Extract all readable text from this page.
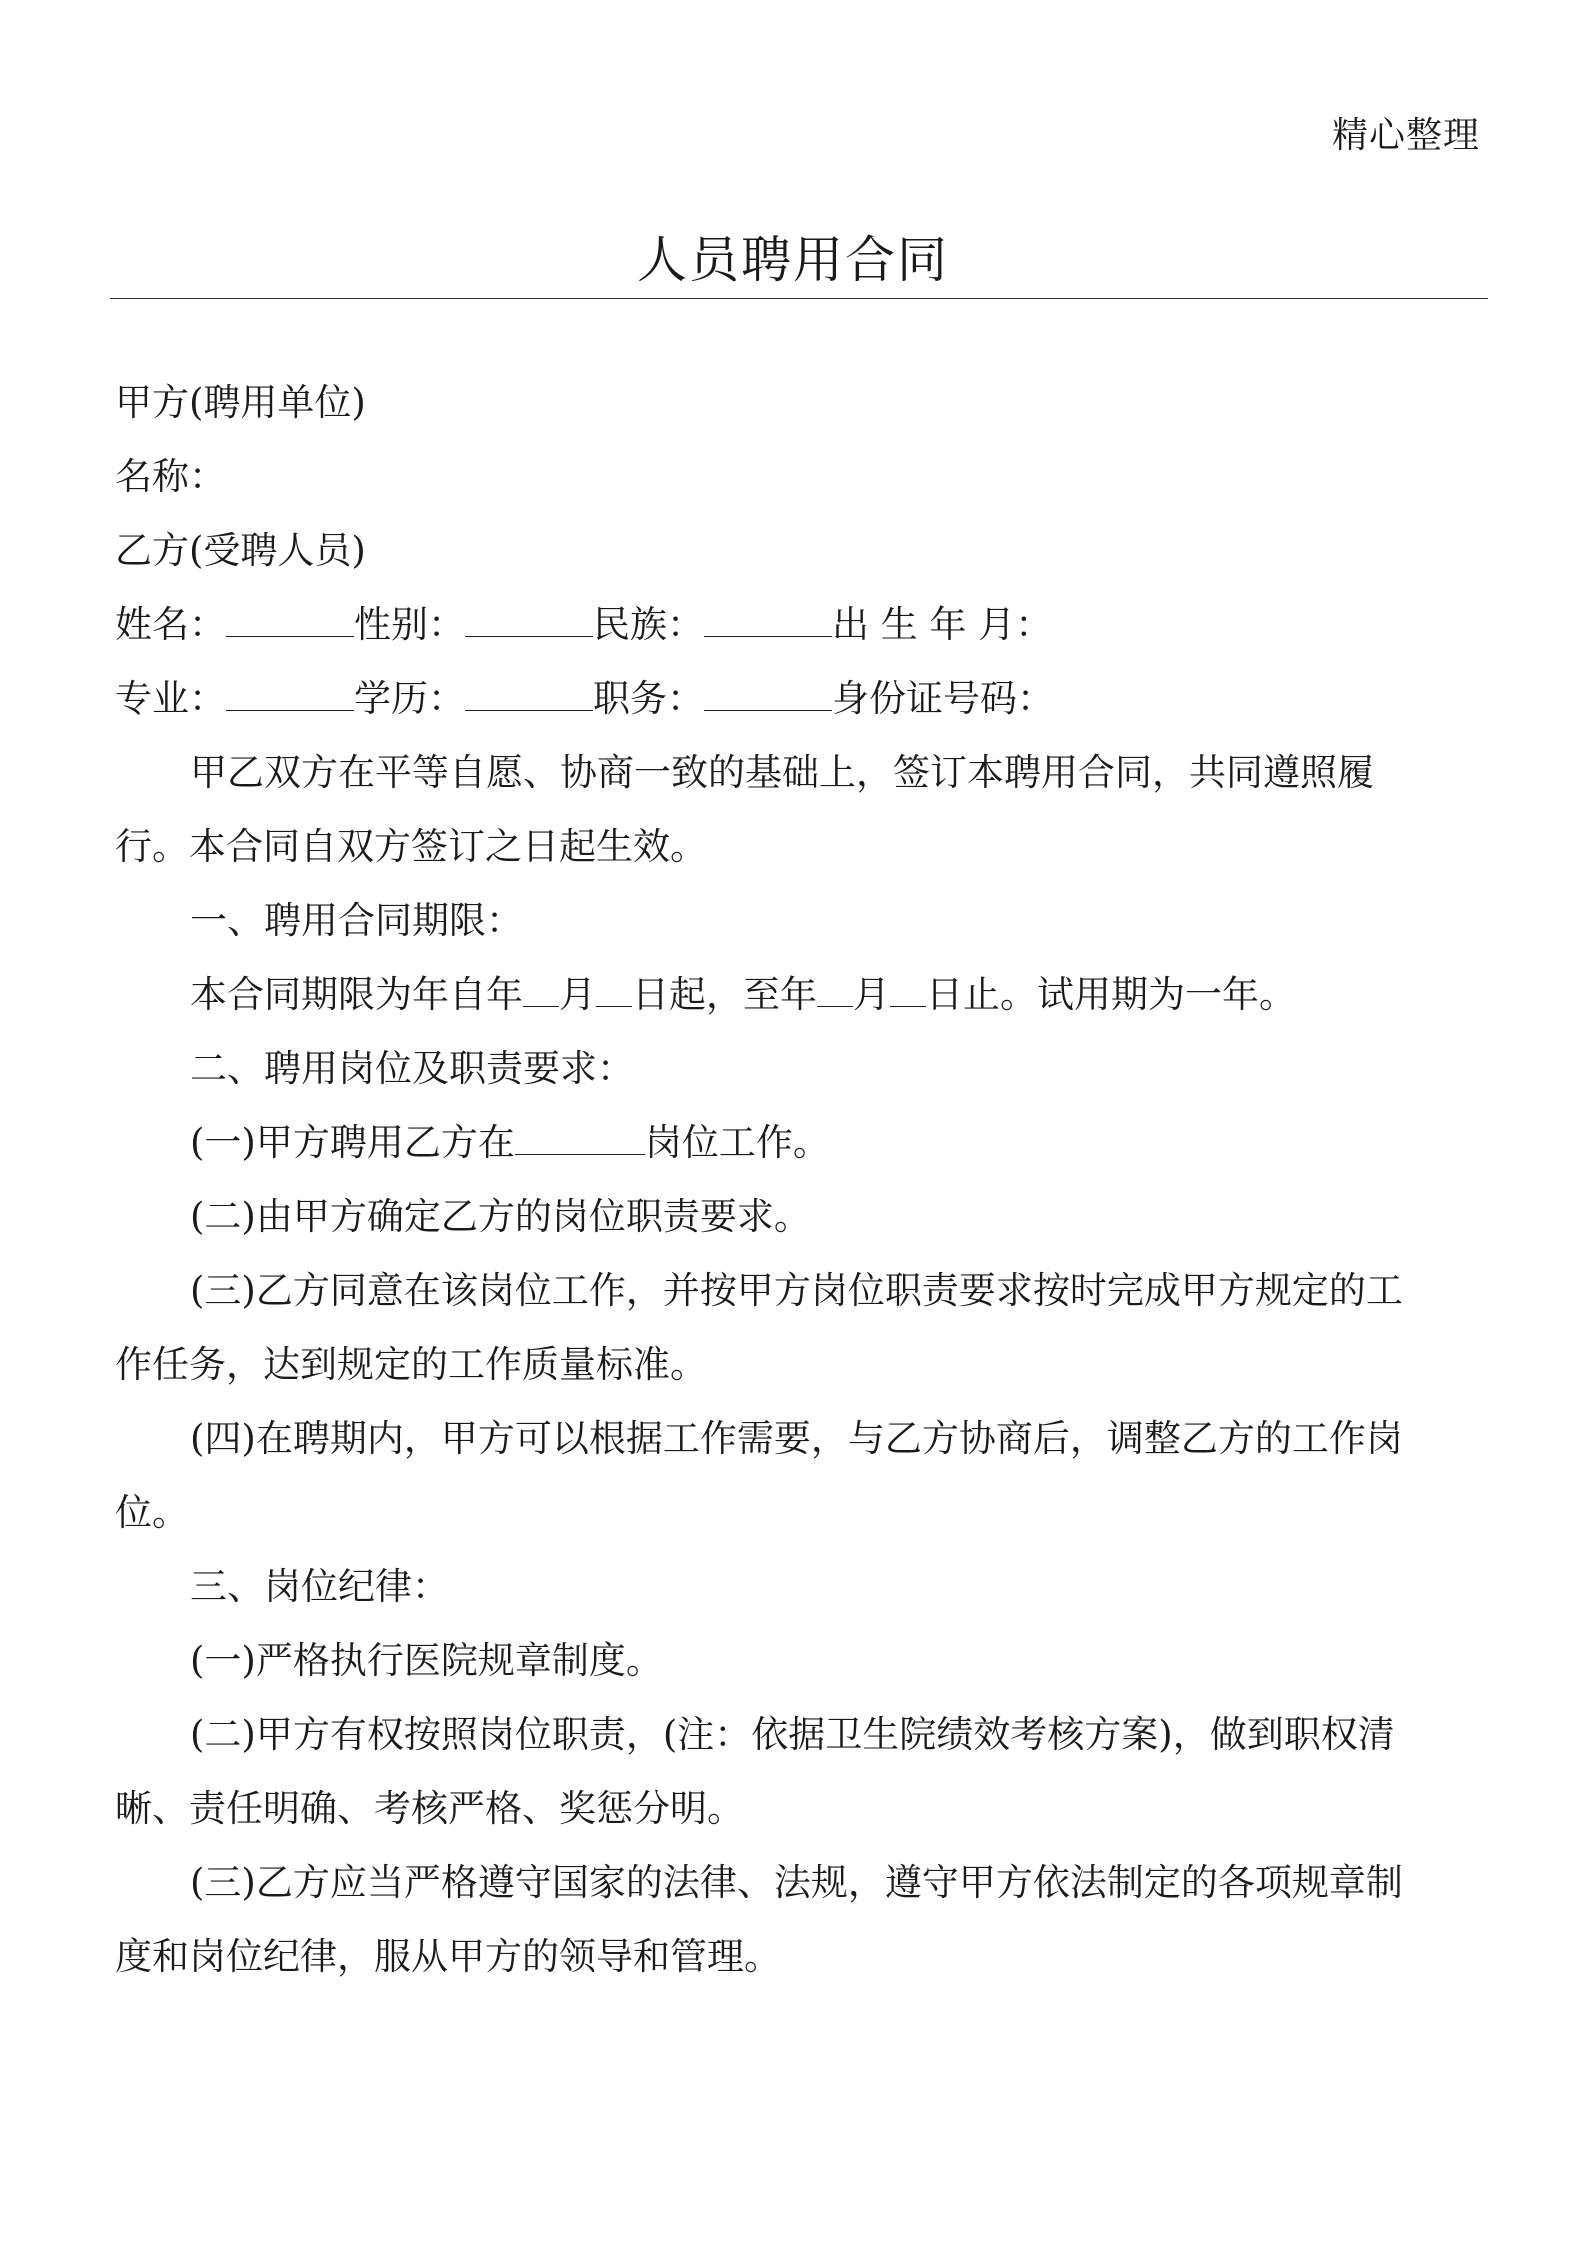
精心整理
人员聘用合同
甲方(聘用单位)
名称：
乙方(受聘人员)
姓名：	性别：	民族：	出 生 年 月：
专业：	学历：	职务：	身份证号码：
甲乙双方在平等自愿、协商一致的基础上，签订本聘用合同，共同遵照履
行。本合同自双方签订之日起生效。
一、聘用合同期限：
本合同期限为年自年 月 日起，至年 月 日止。试用期为一年。
二、聘用岗位及职责要求：
(一)甲方聘用乙方在	岗位工作。
(二)由甲方确定乙方的岗位职责要求。
(三)乙方同意在该岗位工作，并按甲方岗位职责要求按时完成甲方规定的工
作任务，达到规定的工作质量标准。
(四)在聘期内，甲方可以根据工作需要，与乙方协商后，调整乙方的工作岗
位。
三、岗位纪律：
(一)严格执行医院规章制度。
(二)甲方有权按照岗位职责，(注：依据卫生院绩效考核方案)，做到职权清
晰、责任明确、考核严格、奖惩分明。
(三)乙方应当严格遵守国家的法律、法规，遵守甲方依法制定的各项规章制
度和岗位纪律，服从甲方的领导和管理。
